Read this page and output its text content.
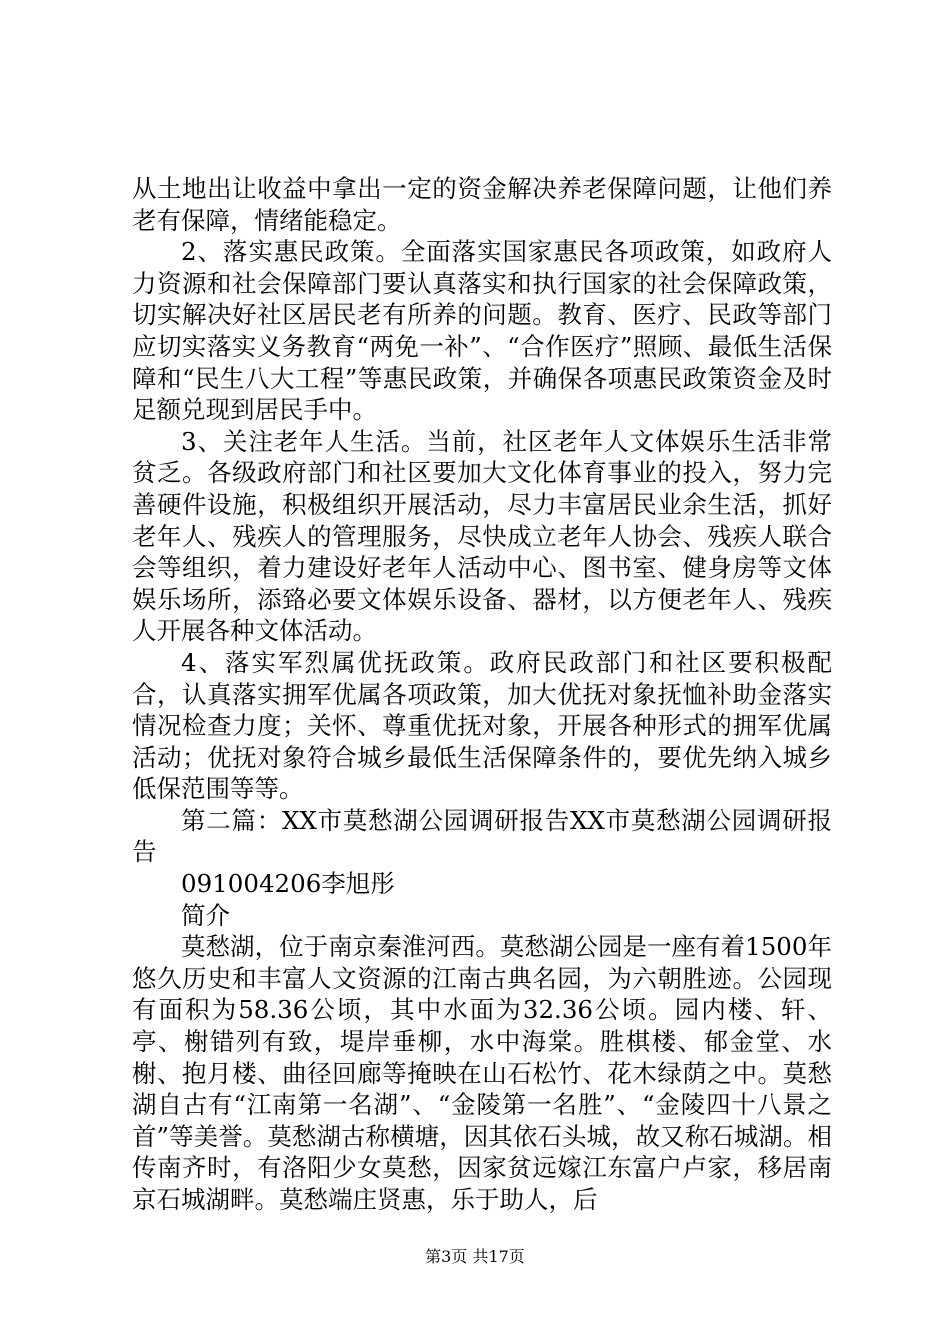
从土地出让收益中拿出一定的资金解决养老保障问题，让他们养老有保障，情绪能稳定。

2、落实惠民政策。全面落实国家惠民各项政策，如政府人力资源和社会保障部门要认真落实和执行国家的社会保障政策，切实解决好社区居民老有所养的问题。教育、医疗、民政等部门应切实落实义务教育“两免一补”、“合作医疗”照顾、最低生活保障和“民生八大工程”等惠民政策，并确保各项惠民政策资金及时足额兑现到居民手中。

3、关注老年人生活。当前，社区老年人文体娱乐生活非常贫乏。各级政府部门和社区要加大文化体育事业的投入，努力完善硬件设施，积极组织开展活动，尽力丰富居民业余生活，抓好老年人、残疾人的管理服务，尽快成立老年人协会、残疾人联合会等组织，着力建设好老年人活动中心、图书室、健身房等文体娱乐场所，添臵必要文体娱乐设备、器材，以方便老年人、残疾人开展各种文体活动。

4、落实军烈属优抚政策。政府民政部门和社区要积极配合，认真落实拥军优属各项政策，加大优抚对象抚恤补助金落实情况检查力度；关怀、尊重优抚对象，开展各种形式的拥军优属活动；优抚对象符合城乡最低生活保障条件的，要优先纳入城乡低保范围等等。

第二篇：XX市莫愁湖公园调研报告XX市莫愁湖公园调研报告

091004206李旭彤

简介

莫愁湖，位于南京秦淮河西。莫愁湖公园是一座有着1500年悠久历史和丰富人文资源的江南古典名园，为六朝胜迹。公园现有面积为58.36公顷，其中水面为32.36公顷。园内楼、轩、亭、榭错列有致，堤岸垂柳，水中海棠。胜棋楼、郁金堂、水榭、抱月楼、曲径回廊等掩映在山石松竹、花木绿荫之中。莫愁湖自古有“江南第一名湖”、“金陵第一名胜”、“金陵四十八景之首”等美誉。莫愁湖古称横塘，因其依石头城，故又称石城湖。相传南齐时，有洛阳少女莫愁，因家贫远嫁江东富户卢家，移居南京石城湖畔。莫愁端庄贤惠，乐于助人，后

第3页 共17页
